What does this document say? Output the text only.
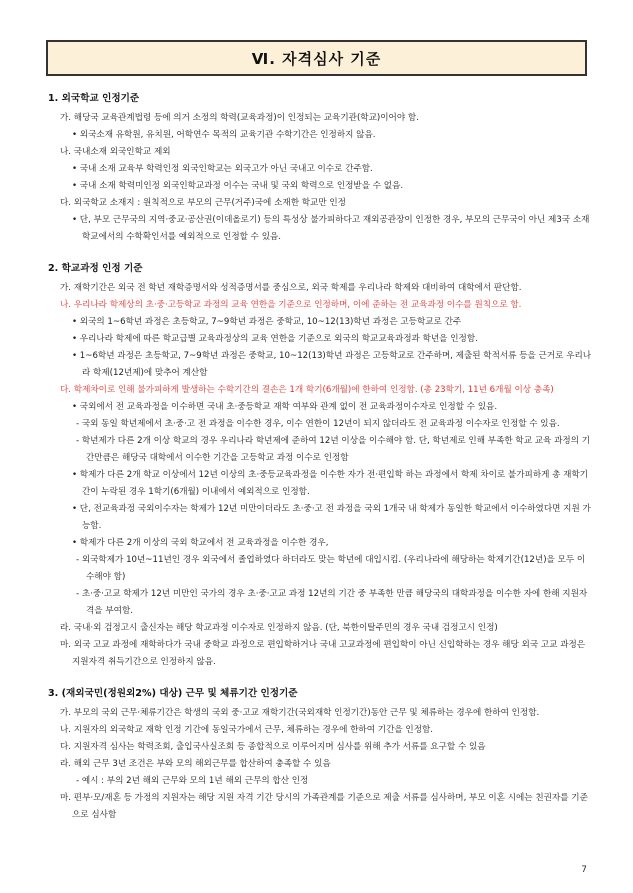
Ⅵ. 자격심사 기준
1. 외국학교 인정기준
가. 해당국 교육관계법령 등에 의거 소정의 학력(교육과정)이 인정되는 교육기관(학교)이어야 함.
• 외국소재 유학원, 유치원, 어학연수 목적의 교육기관 수학기간은 인정하지 않음.
나. 국내소재 외국인학교 제외
• 국내 소재 교육부 학력인정 외국인학교는 외국고가 아닌 국내고 이수로 간주함.
• 국내 소재 학력미인정 외국인학교과정 이수는 국내 및 국외 학력으로 인정받을 수 없음.
다. 외국학교 소재지 : 원칙적으로 부모의 근무(거주)국에 소재한 학교만 인정
• 단, 부모 근무국의 지역·중교·공산권(이데올로기) 등의 특성상 불가피하다고 재외공관장이 인정한 경우, 부모의 근무국이 아닌 제3국 소재 학교에서의 수학확인서를 예외적으로 인정할 수 있음.
2. 학교과정 인정 기준
가. 재학기간은 외국 전 학년 재학증명서와 성적증명서를 중심으로, 외국 학제를 우리나라 학제와 대비하여 대학에서 판단함.
나. 우리나라 학제상의 초·중·고등학교 과정의 교육 연한을 기준으로 인정하며, 이에 준하는 전 교육과정 이수를 원칙으로 함.
• 외국의 1~6학년 과정은 초등학교, 7~9학년 과정은 중학교, 10~12(13)학년 과정은 고등학교로 간주
• 우리나라 학제에 따른 학교급별 교육과정상의 교육 연한을 기준으로 외국의 학교교육과정과 학년을 인정함.
• 1~6학년 과정은 초등학교, 7~9학년 과정은 중학교, 10~12(13)학년 과정은 고등학교로 간주하며, 제출된 학적서류 등을 근거로 우리나라 학제(12년제)에 맞추어 계산함
다. 학제차이로 인해 불가피하게 발생하는 수학기간의 결손은 1개 학기(6개월)에 한하여 인정함. (총 23학기, 11년 6개월 이상 충족)
• 국외에서 전 교육과정을 이수하면 국내 초·중등학교 재학 여부와 관계 없이 전 교육과정이수자로 인정할 수 있음.
- 국외 동일 학년제에서 초·중·고 전 과정을 이수한 경우, 이수 연한이 12년이 되지 않더라도 전 교육과정 이수자로 인정할 수 있음.
- 학년제가 다른 2개 이상 학교의 경우 우리나라 학년제에 준하여 12년 이상을 이수해야 함. 단, 학년제로 인해 부족한 학교 교육 과정의 기간만큼은 해당국 대학에서 이수한 기간을 고등학교 과정 이수로 인정함
• 학제가 다른 2개 학교 이상에서 12년 이상의 초·중등교육과정을 이수한 자가 전·편입학 하는 과정에서 학제 차이로 불가피하게 총 재학기간이 누락된 경우 1학기(6개월) 이내에서 예외적으로 인정함.
• 단, 전교육과정 국외이수자는 학제가 12년 미만이더라도 초·중·고 전 과정을 국외 1개국 내 학제가 동일한 학교에서 이수하였다면 지원 가능함.
• 학제가 다른 2개 이상의 국외 학교에서 전 교육과정을 이수한 경우,
- 외국학제가 10년~11년인 경우 외국에서 졸업하였다 하더라도 맞는 학년에 대입시킴. (우리나라에 해당하는 학제기간(12년)을 모두 이수해야 함)
- 초·중·고교 학제가 12년 미만인 국가의 경우 초·중·고교 과정 12년의 기간 중 부족한 만큼 해당국의 대학과정을 이수한 자에 한해 지원자격을 부여함.
라. 국내·외 검정고시 출신자는 해당 학교과정 이수자로 인정하지 않음. (단, 북한이탈주민의 경우 국내 검정고시 인정)
마. 외국 고교 과정에 재학하다가 국내 중학교 과정으로 편입학하거나 국내 고교과정에 편입학이 아닌 신입학하는 경우 해당 외국 고교 과정은 지원자격 취득기간으로 인정하지 않음.
3. (재외국민(정원외2%) 대상) 근무 및 체류기간 인정기준
가. 부모의 국외 근무·체류기간은 학생의 국외 중·고교 재학기간(국외재학 인정기간)동안 근무 및 체류하는 경우에 한하여 인정함.
나. 지원자의 외국학교 재학 인정 기간에 동일국가에서 근무, 체류하는 경우에 한하여 기간을 인정함.
다. 지원자격 심사는 학력조회, 출입국사실조회 등 종합적으로 이루어지며 심사를 위해 추가 서류를 요구할 수 있음
라. 해외 근무 3년 조건은 부와 모의 해외근무를 합산하여 충족할 수 있음
- 예시 : 부의 2년 해외 근무와 모의 1년 해외 근무의 합산 인정
마. 편부·모/재혼 등 가정의 지원자는 해당 지원 자격 기간 당시의 가족관계를 기준으로 제출 서류를 심사하며, 부모 이혼 시에는 친권자를 기준으로 심사함
7
